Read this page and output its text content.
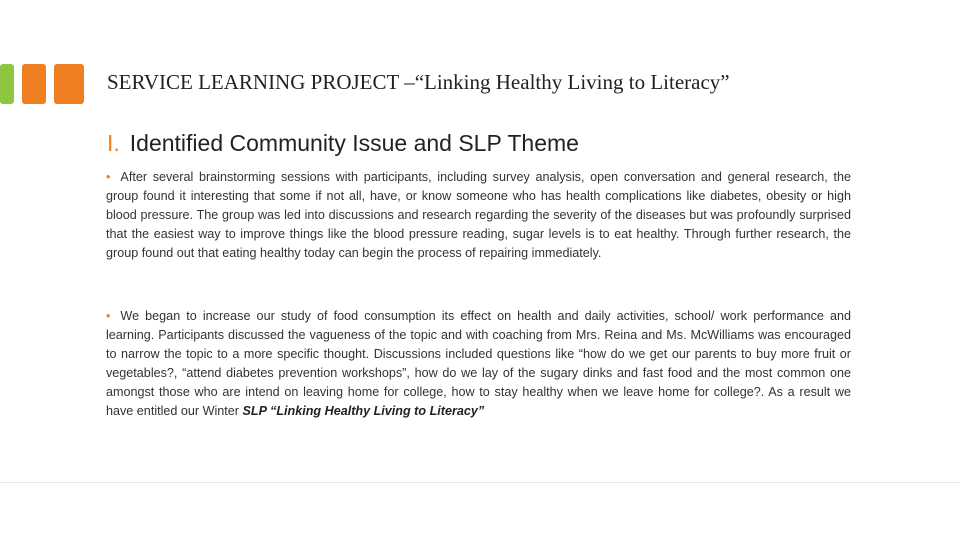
SERVICE LEARNING PROJECT –“Linking Healthy Living to Literacy”
I. Identified Community Issue and SLP Theme
• After several brainstorming sessions with participants, including survey analysis, open conversation and general research, the group found it interesting that some if not all, have, or know someone who has health complications like diabetes, obesity or high blood pressure. The group was led into discussions and research regarding the severity of the diseases but was profoundly surprised that the easiest way to improve things like the blood pressure reading, sugar levels is to eat healthy. Through further research, the group found out that eating healthy today can begin the process of repairing immediately.
• We began to increase our study of food consumption its effect on health and daily activities, school/ work performance and learning. Participants discussed the vagueness of the topic and with coaching from Mrs. Reina and Ms. McWilliams was encouraged to narrow the topic to a more specific thought. Discussions included questions like “how do we get our parents to buy more fruit or vegetables?, “attend diabetes prevention workshops”, how do we lay of the sugary dinks and fast food and the most common one amongst those who are intend on leaving home for college, how to stay healthy when we leave home for college?. As a result we have entitled our Winter SLP “Linking Healthy Living to Literacy”
